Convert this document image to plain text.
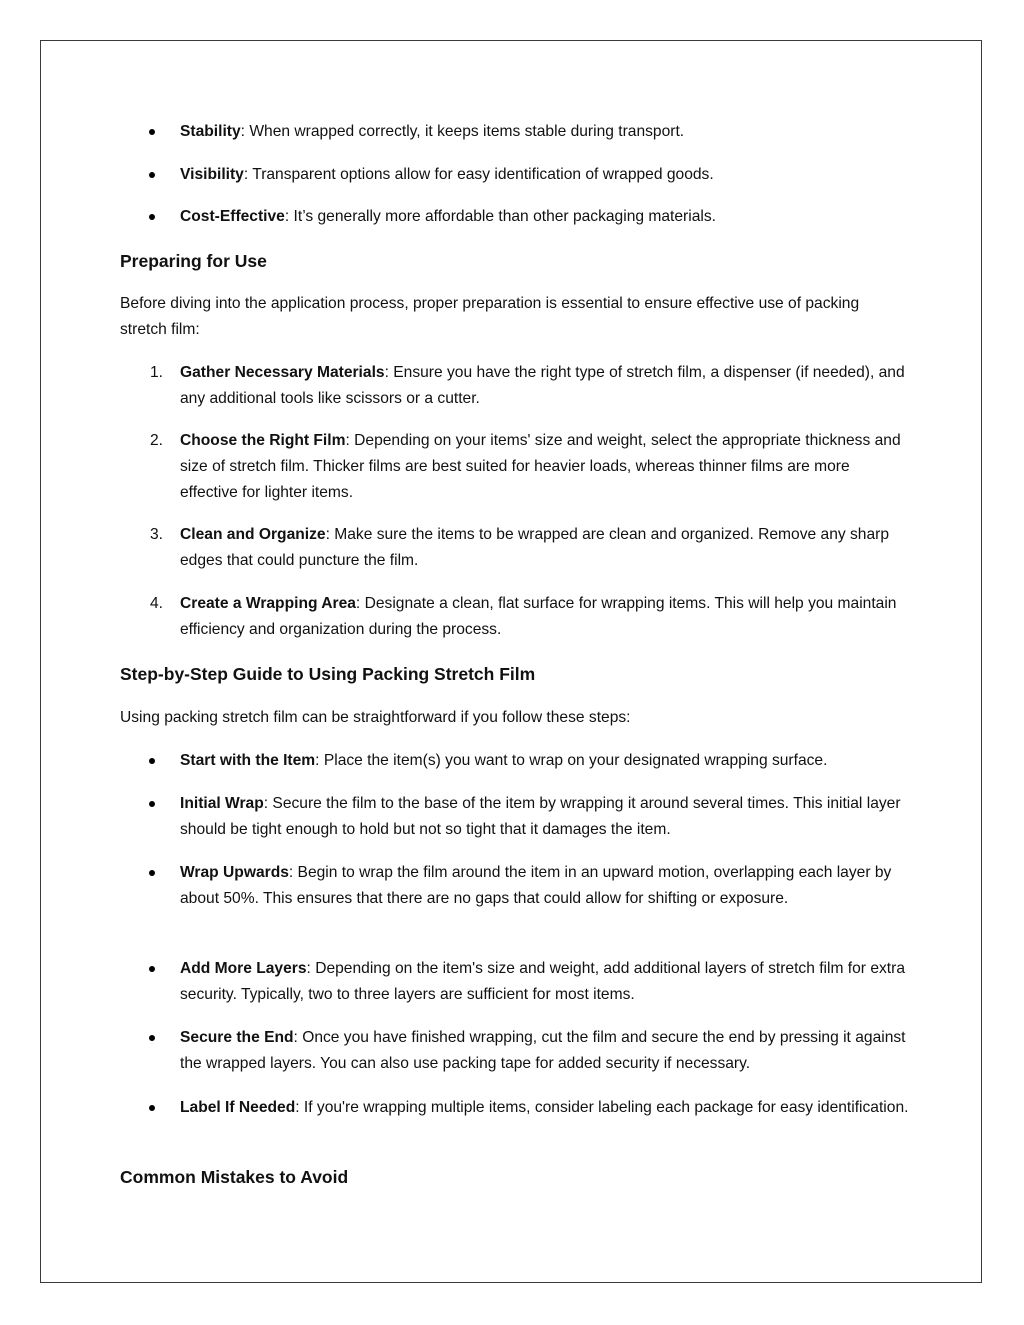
Stability: When wrapped correctly, it keeps items stable during transport.
Visibility: Transparent options allow for easy identification of wrapped goods.
Cost-Effective: It’s generally more affordable than other packaging materials.
Preparing for Use
Before diving into the application process, proper preparation is essential to ensure effective use of packing stretch film:
1. Gather Necessary Materials: Ensure you have the right type of stretch film, a dispenser (if needed), and any additional tools like scissors or a cutter.
2. Choose the Right Film: Depending on your items' size and weight, select the appropriate thickness and size of stretch film. Thicker films are best suited for heavier loads, whereas thinner films are more effective for lighter items.
3. Clean and Organize: Make sure the items to be wrapped are clean and organized. Remove any sharp edges that could puncture the film.
4. Create a Wrapping Area: Designate a clean, flat surface for wrapping items. This will help you maintain efficiency and organization during the process.
Step-by-Step Guide to Using Packing Stretch Film
Using packing stretch film can be straightforward if you follow these steps:
Start with the Item: Place the item(s) you want to wrap on your designated wrapping surface.
Initial Wrap: Secure the film to the base of the item by wrapping it around several times. This initial layer should be tight enough to hold but not so tight that it damages the item.
Wrap Upwards: Begin to wrap the film around the item in an upward motion, overlapping each layer by about 50%. This ensures that there are no gaps that could allow for shifting or exposure.
Add More Layers: Depending on the item's size and weight, add additional layers of stretch film for extra security. Typically, two to three layers are sufficient for most items.
Secure the End: Once you have finished wrapping, cut the film and secure the end by pressing it against the wrapped layers. You can also use packing tape for added security if necessary.
Label If Needed: If you're wrapping multiple items, consider labeling each package for easy identification.
Common Mistakes to Avoid
